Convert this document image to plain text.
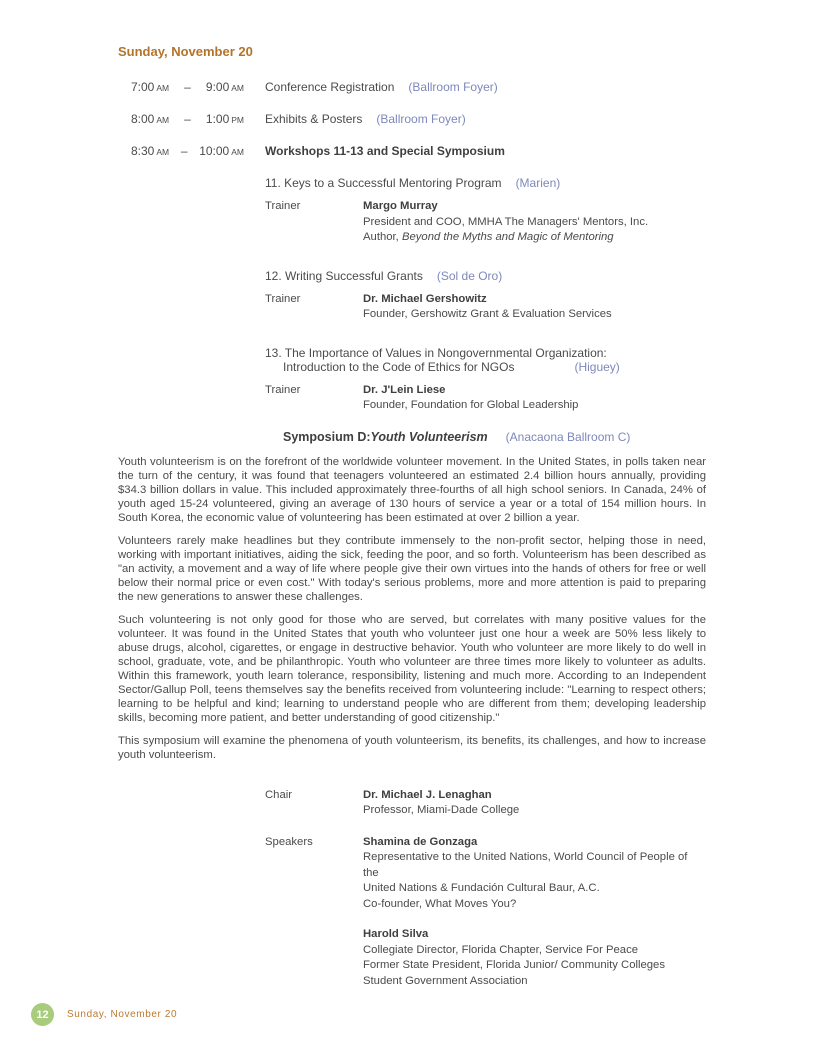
Sunday, November 20
7:00 AM – 9:00 AM Conference Registration (Ballroom Foyer)
8:00 AM – 1:00 PM Exhibits & Posters (Ballroom Foyer)
8:30 AM – 10:00 AM Workshops 11-13 and Special Symposium
11. Keys to a Successful Mentoring Program (Marien)
Trainer	Margo Murray
President and COO, MMHA The Managers' Mentors, Inc.
Author, Beyond the Myths and Magic of Mentoring
12. Writing Successful Grants (Sol de Oro)
Trainer	Dr. Michael Gershowitz
Founder, Gershowitz Grant & Evaluation Services
13. The Importance of Values in Nongovernmental Organization:
Introduction to the Code of Ethics for NGOs	(Higuey)
Trainer	Dr. J'Lein Liese
Founder, Foundation for Global Leadership
Symposium D: Youth Volunteerism (Anacaona Ballroom C)
Youth volunteerism is on the forefront of the worldwide volunteer movement. In the United States, in polls taken near the turn of the century, it was found that teenagers volunteered an estimated 2.4 billion hours annually, providing $34.3 billion dollars in value. This included approximately three-fourths of all high school seniors. In Canada, 24% of youth aged 15-24 volunteered, giving an average of 130 hours of service a year or a total of 154 million hours. In South Korea, the economic value of volunteering has been estimated at over 2 billion a year.
Volunteers rarely make headlines but they contribute immensely to the non-profit sector, helping those in need, working with important initiatives, aiding the sick, feeding the poor, and so forth. Volunteerism has been described as "an activity, a movement and a way of life where people give their own virtues into the hands of others for free or well below their normal price or even cost." With today's serious problems, more and more attention is paid to preparing the new generations to answer these challenges.
Such volunteering is not only good for those who are served, but correlates with many positive values for the volunteer. It was found in the United States that youth who volunteer just one hour a week are 50% less likely to abuse drugs, alcohol, cigarettes, or engage in destructive behavior. Youth who volunteer are more likely to do well in school, graduate, vote, and be philanthropic. Youth who volunteer are three times more likely to volunteer as adults. Within this framework, youth learn tolerance, responsibility, listening and much more. According to an Independent Sector/Gallup Poll, teens themselves say the benefits received from volunteering include: "Learning to respect others; learning to be helpful and kind; learning to understand people who are different from them; developing leadership skills, becoming more patient, and better understanding of good citizenship."
This symposium will examine the phenomena of youth volunteerism, its benefits, its challenges, and how to increase youth volunteerism.
Chair	Dr. Michael J. Lenaghan
Professor, Miami-Dade College
Speakers	Shamina de Gonzaga
Representative to the United Nations, World Council of People of the
United Nations & Fundación Cultural Baur, A.C.
Co-founder, What Moves You?
Harold Silva
Collegiate Director, Florida Chapter, Service For Peace
Former State President, Florida Junior/ Community Colleges
Student Government Association
12	Sunday, November 20
